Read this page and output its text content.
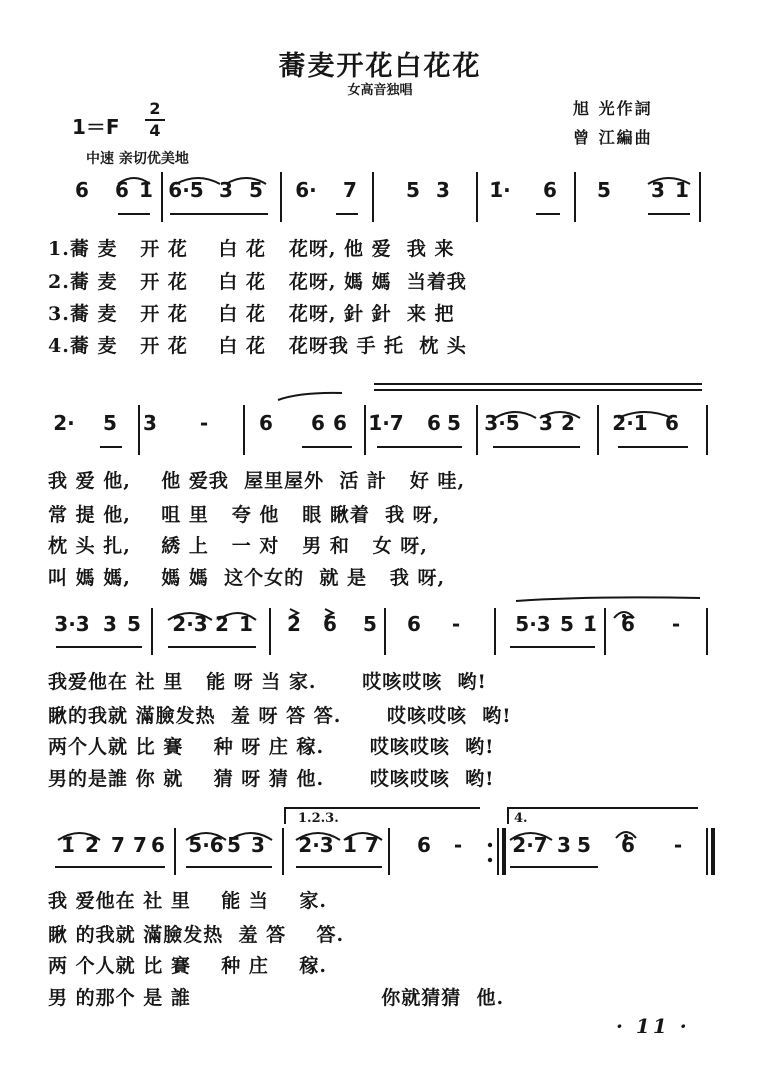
蕎麦开花白花花
女高音独唱
1＝F
2
4
中速 亲切优美地
旭 光作詞
曾 江編曲
6 6 1̇ 6·5 3 5 6· 7 5 3 1̇· 6 5 3 1
2· 5 3 -	6 6 6 1̇·7 6 5 3·5 3 2 2·1 6
3·3 3 5 2·3 2 1 2 6 5 6 -	5·3 5 1̇ 6 -
1̇ 2̇ 7 7 6 5·6 5 3 2·3 1 7 6 -	2·7 3 5 6 -
1.2.3.	4.
1.蕎 麦   开 花    白 花   花呀, 他 爱  我 来
2.蕎 麦   开 花    白 花   花呀, 媽 媽  当着我
3.蕎 麦   开 花    白 花   花呀, 針 針  来 把
4.蕎 麦   开 花    白 花   花呀我 手 托  枕 头
我 爱 他,    他 爱我  屋里屋外  活 計   好 哇,
常 提 他,    咀 里   夸 他   眼 瞅着  我 呀,
枕 头 扎,    綉 上   一 对   男 和   女 呀,
叫 媽 媽,    媽 媽  这个女的  就 是   我 呀,
我爱他在 社 里   能 呀 当 家.      哎咳哎咳  哟!
瞅的我就 滿臉发热  羞 呀 答 答.      哎咳哎咳  哟!
两个人就 比 賽    种 呀 庄 稼.      哎咳哎咳  哟!
男的是誰 你 就    猜 呀 猜 他.      哎咳哎咳  哟!
我 爱他在 社 里    能 当    家.
瞅 的我就 滿臉发热  羞 答    答.
两 个人就 比 賽    种 庄    稼.
男 的那个 是 誰                         你就猜猜  他.
· 11 ·
